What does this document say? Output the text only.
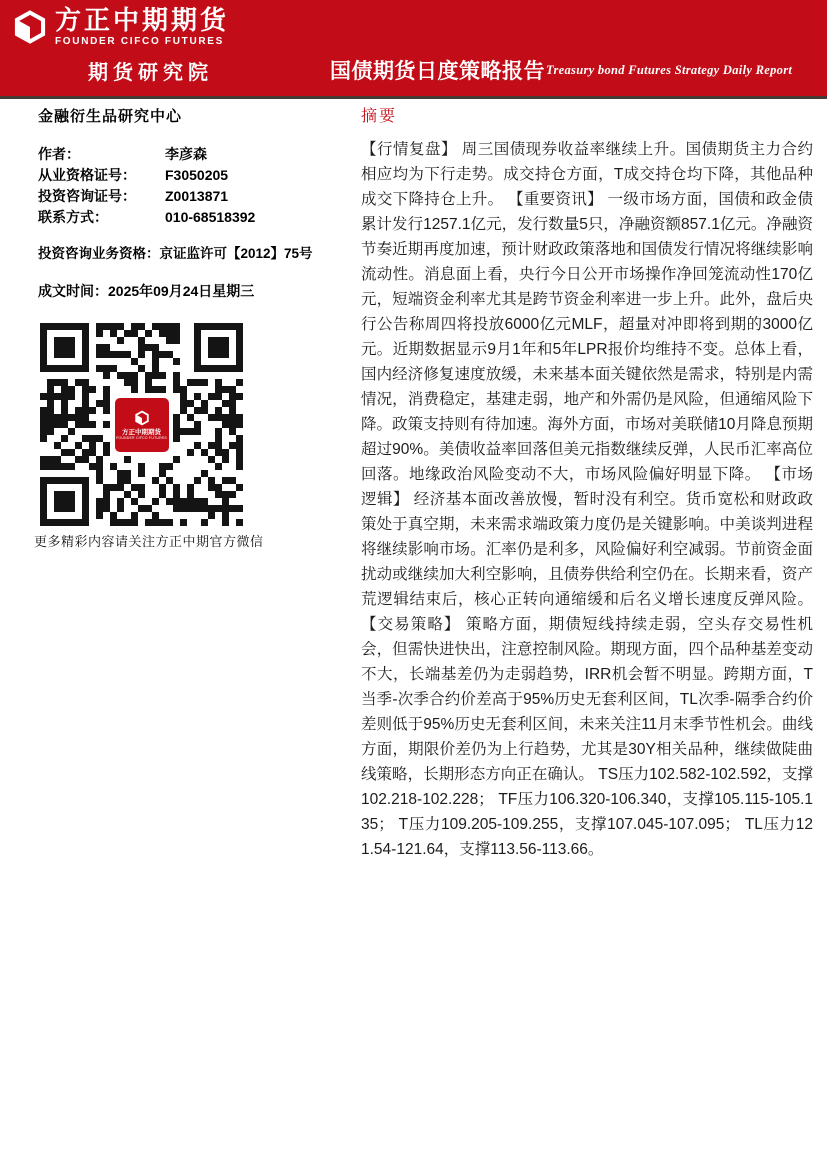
方正中期期货
FOUNDER CIFCO FUTURES
期货研究院	国债期货日度策略报告 Treasury bond Futures Strategy Daily Report
金融衍生品研究中心
作者：	李彦森
从业资格证号：	F3050205
投资咨询证号：	Z0013871
联系方式：	010-68518392
投资咨询业务资格：京证监许可【2012】75号
成文时间：2025年09月24日星期三
方正中期期货
FOUNDER CIFCO FUTURES
更多精彩内容请关注方正中期官方微信
摘要

【行情复盘】 周三国债现券收益率继续上升。国债期货主力合约相应均为下行走势。成交持仓方面，T成交持仓均下降，其他品种成交下降持仓上升。 【重要资讯】 一级市场方面，国债和政金债累计发行1257.1亿元，发行数量5只，净融资额857.1亿元。净融资节奏近期再度加速，预计财政政策落地和国债发行情况将继续影响流动性。消息面上看，央行今日公开市场操作净回笼流动性170亿元，短端资金利率尤其是跨节资金利率进一步上升。此外，盘后央行公告称周四将投放6000亿元MLF，超量对冲即将到期的3000亿元。近期数据显示9月1年和5年LPR报价均维持不变。总体上看，国内经济修复速度放缓，未来基本面关键依然是需求，特别是内需情况，消费稳定，基建走弱，地产和外需仍是风险，但通缩风险下降。政策支持则有待加速。海外方面，市场对美联储10月降息预期超过90%。美债收益率回落但美元指数继续反弹，人民币汇率高位回落。地缘政治风险变动不大，市场风险偏好明显下降。 【市场逻辑】 经济基本面改善放慢，暂时没有利空。货币宽松和财政政策处于真空期，未来需求端政策力度仍是关键影响。中美谈判进程将继续影响市场。汇率仍是利多，风险偏好利空减弱。节前资金面扰动或继续加大利空影响，且债券供给利空仍在。长期来看，资产荒逻辑结束后，核心正转向通缩缓和后名义增长速度反弹风险。 【交易策略】 策略方面，期债短线持续走弱，空头存交易性机会，但需快进快出，注意控制风险。期现方面，四个品种基差变动不大，长端基差仍为走弱趋势，IRR机会暂不明显。跨期方面，T当季-次季合约价差高于95%历史无套利区间，TL次季-隔季合约价差则低于95%历史无套利区间，未来关注11月末季节性机会。曲线方面，期限价差仍为上行趋势，尤其是30Y相关品种，继续做陡曲线策略，长期形态方向正在确认。 TS压力102.582-102.592，支撑102.218-102.228； TF压力106.320-106.340，支撑105.115-105.135； T压力109.205-109.255，支撑107.045-107.095； TL压力121.54-121.64，支撑113.56-113.66。
